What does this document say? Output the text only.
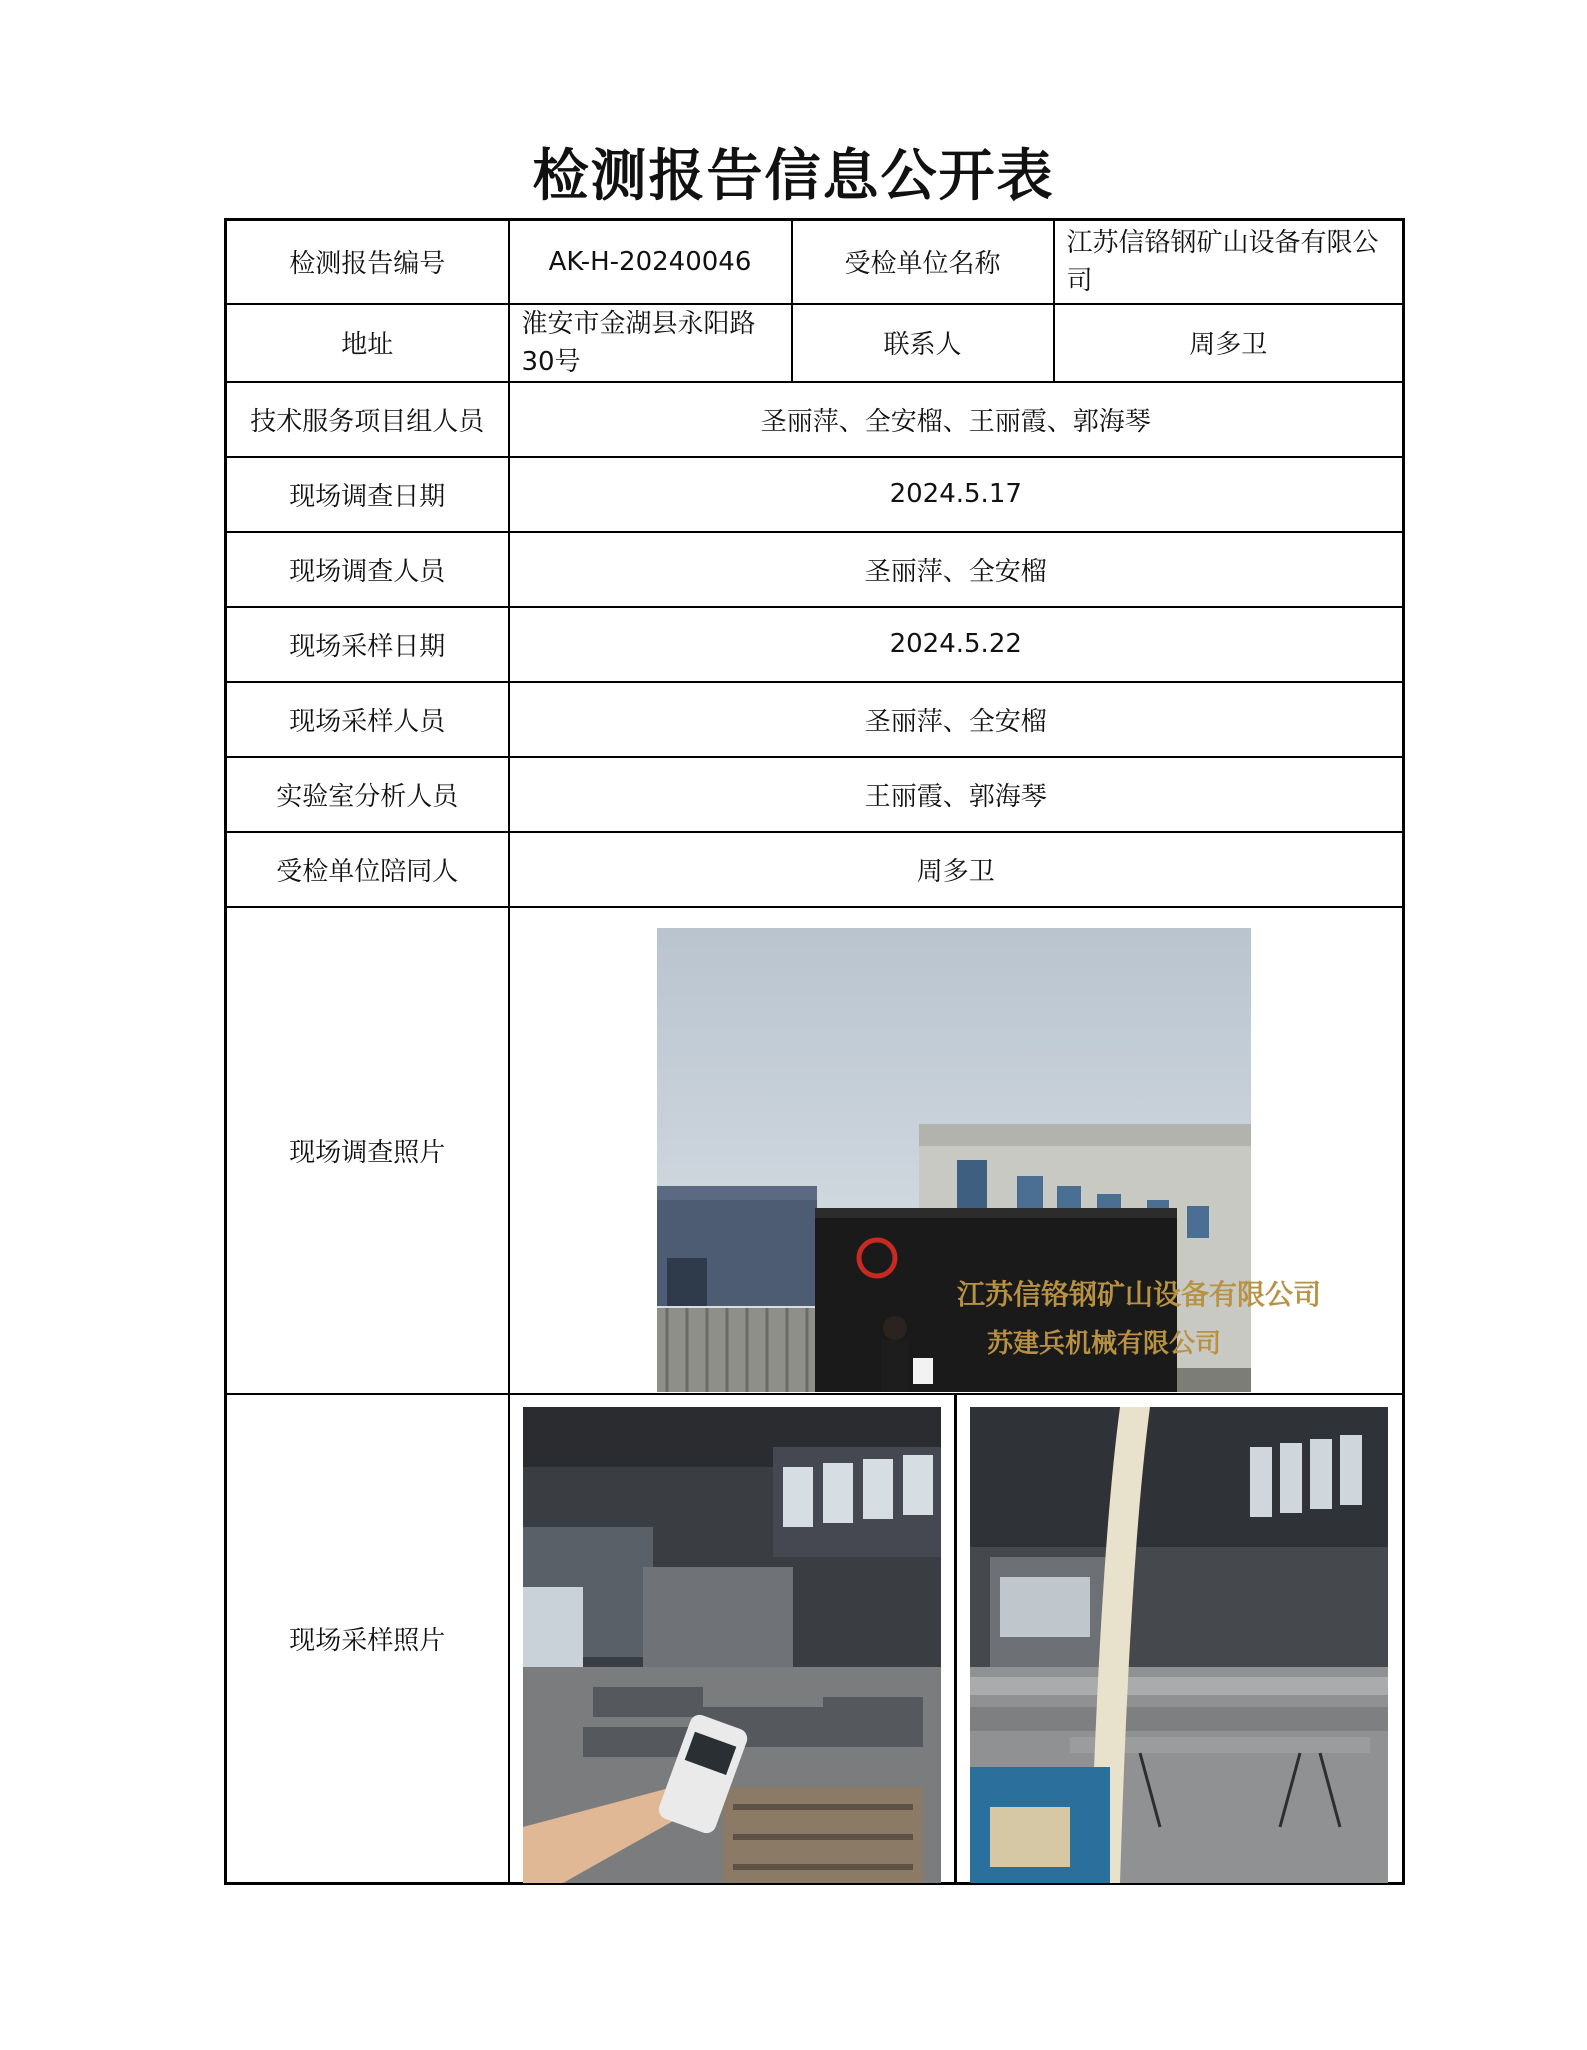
检测报告信息公开表
检测报告编号	AK-H-20240046	受检单位名称	江苏信铬钢矿山设备有限公司
地址	淮安市金湖县永阳路30号	联系人	周多卫
技术服务项目组人员	圣丽萍、全安榴、王丽霞、郭海琴		
现场调查日期	2024.5.17		
现场调查人员	圣丽萍、全安榴		
现场采样日期	2024.5.22		
现场采样人员	圣丽萍、全安榴		
实验室分析人员	王丽霞、郭海琴		
受检单位陪同人	周多卫		
现场调查照片	江苏信铬钢矿山设备有限公司
苏建兵机械有限公司		

现场采样照片	
